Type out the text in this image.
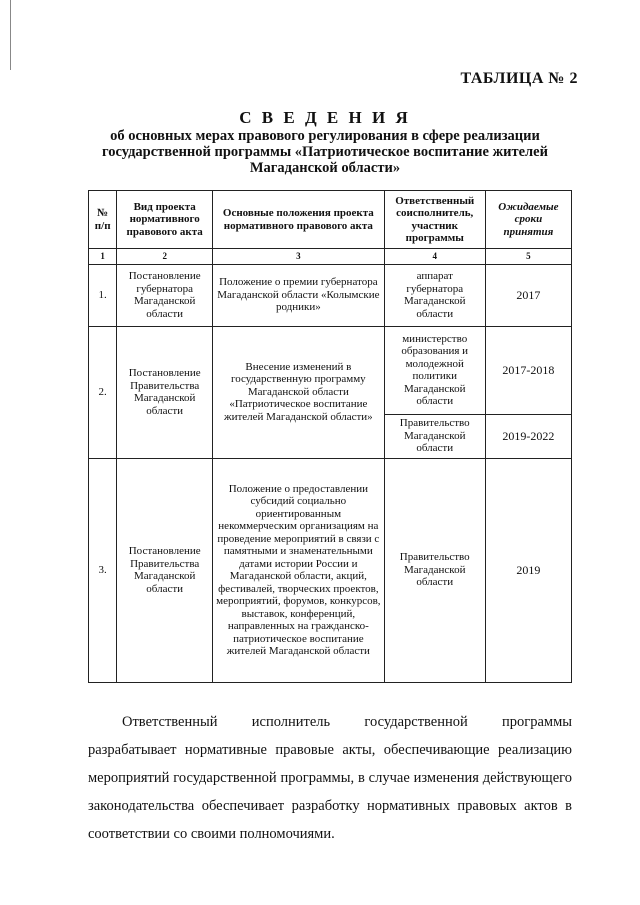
ТАБЛИЦА № 2
С В Е Д Е Н И Я
об основных мерах правового регулирования в сфере реализации
государственной программы «Патриотическое воспитание жителей
Магаданской области»
№ п/п	Вид проекта нормативного правового акта	Основные положения проекта нормативного правового акта	Ответственный соисполнитель, участник программы	Ожидаемые сроки принятия
1	2	3	4	5
1.	Постановление губернатора Магаданской области	Положение о премии губернатора Магаданской области «Колымские родники»	аппарат губернатора Магаданской области	2017
2.	Постановление Правительства Магаданской области	Внесение изменений в государственную программу Магаданской области «Патриотическое воспитание жителей Магаданской области»	министерство образования и молодежной политики Магаданской области	2017-2018
			Правительство Магаданской области	2019-2022
3.	Постановление Правительства Магаданской области	Положение о предоставлении субсидий социально ориентированным некоммерческим организациям на проведение мероприятий в связи с памятными и знаменательными датами истории России и Магаданской области, акций, фестивалей, творческих проектов, мероприятий, форумов, конкурсов, выставок, конференций, направленных на гражданско-патриотическое воспитание жителей Магаданской области	Правительство Магаданской области	2019

Ответственный исполнитель государственной программы разрабатывает нормативные правовые акты, обеспечивающие реализацию мероприятий государственной программы, в случае изменения действующего законодательства обеспечивает разработку нормативных правовых актов в соответствии со своими полномочиями.
